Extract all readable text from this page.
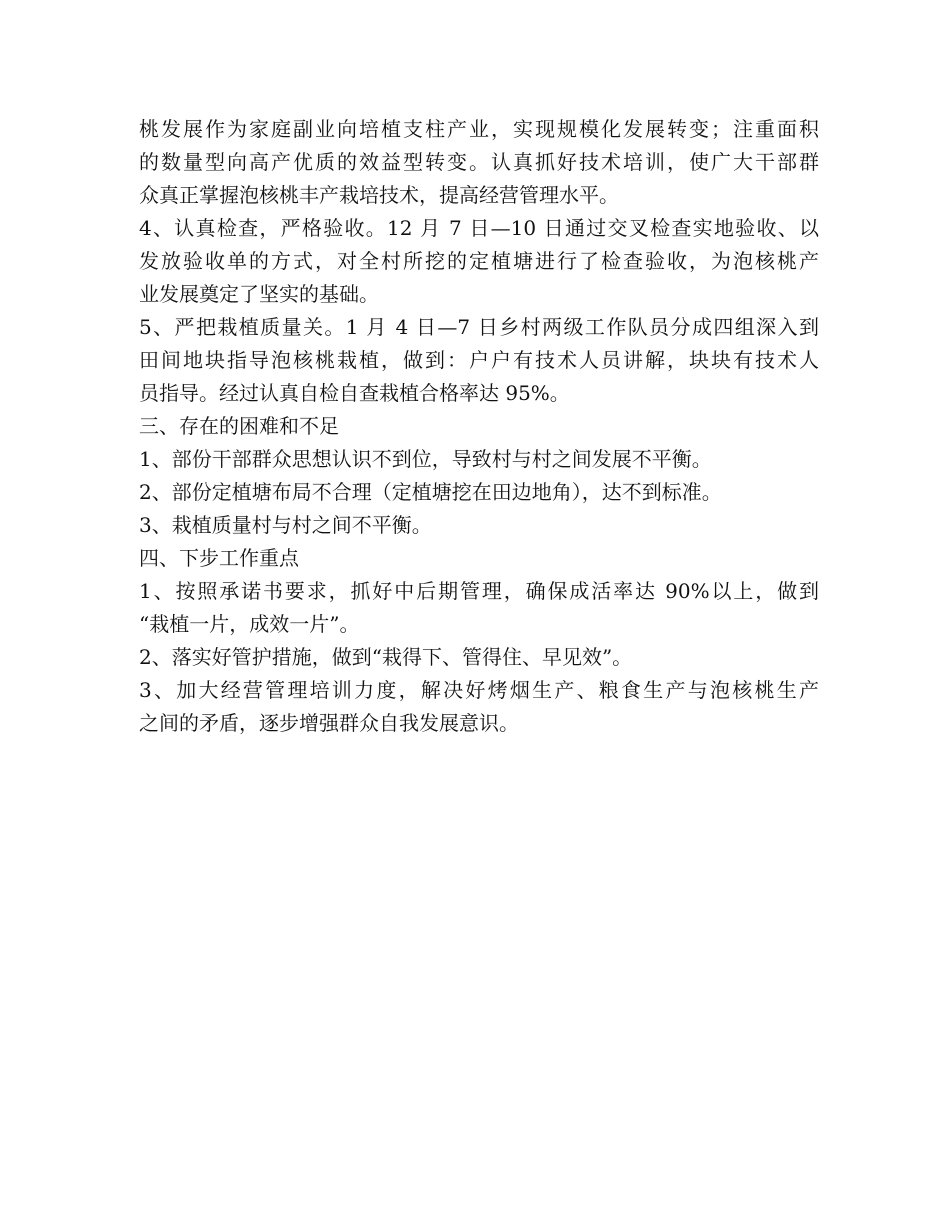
桃发展作为家庭副业向培植支柱产业，实现规模化发展转变；注重面积
的数量型向高产优质的效益型转变。认真抓好技术培训，使广大干部群
众真正掌握泡核桃丰产栽培技术，提高经营管理水平。
4、认真检查，严格验收。12 月 7 日—10 日通过交叉检查实地验收、以
发放验收单的方式，对全村所挖的定植塘进行了检查验收，为泡核桃产
业发展奠定了坚实的基础。
5、严把栽植质量关。1 月 4 日—7 日乡村两级工作队员分成四组深入到
田间地块指导泡核桃栽植，做到：户户有技术人员讲解，块块有技术人
员指导。经过认真自检自查栽植合格率达 95%。
三、存在的困难和不足
1、部份干部群众思想认识不到位，导致村与村之间发展不平衡。
2、部份定植塘布局不合理（定植塘挖在田边地角），达不到标准。
3、栽植质量村与村之间不平衡。
四、下步工作重点
1、按照承诺书要求，抓好中后期管理，确保成活率达 90%以上，做到
“栽植一片，成效一片”。
2、落实好管护措施，做到“栽得下、管得住、早见效”。
3、加大经营管理培训力度，解决好烤烟生产、粮食生产与泡核桃生产
之间的矛盾，逐步增强群众自我发展意识。
